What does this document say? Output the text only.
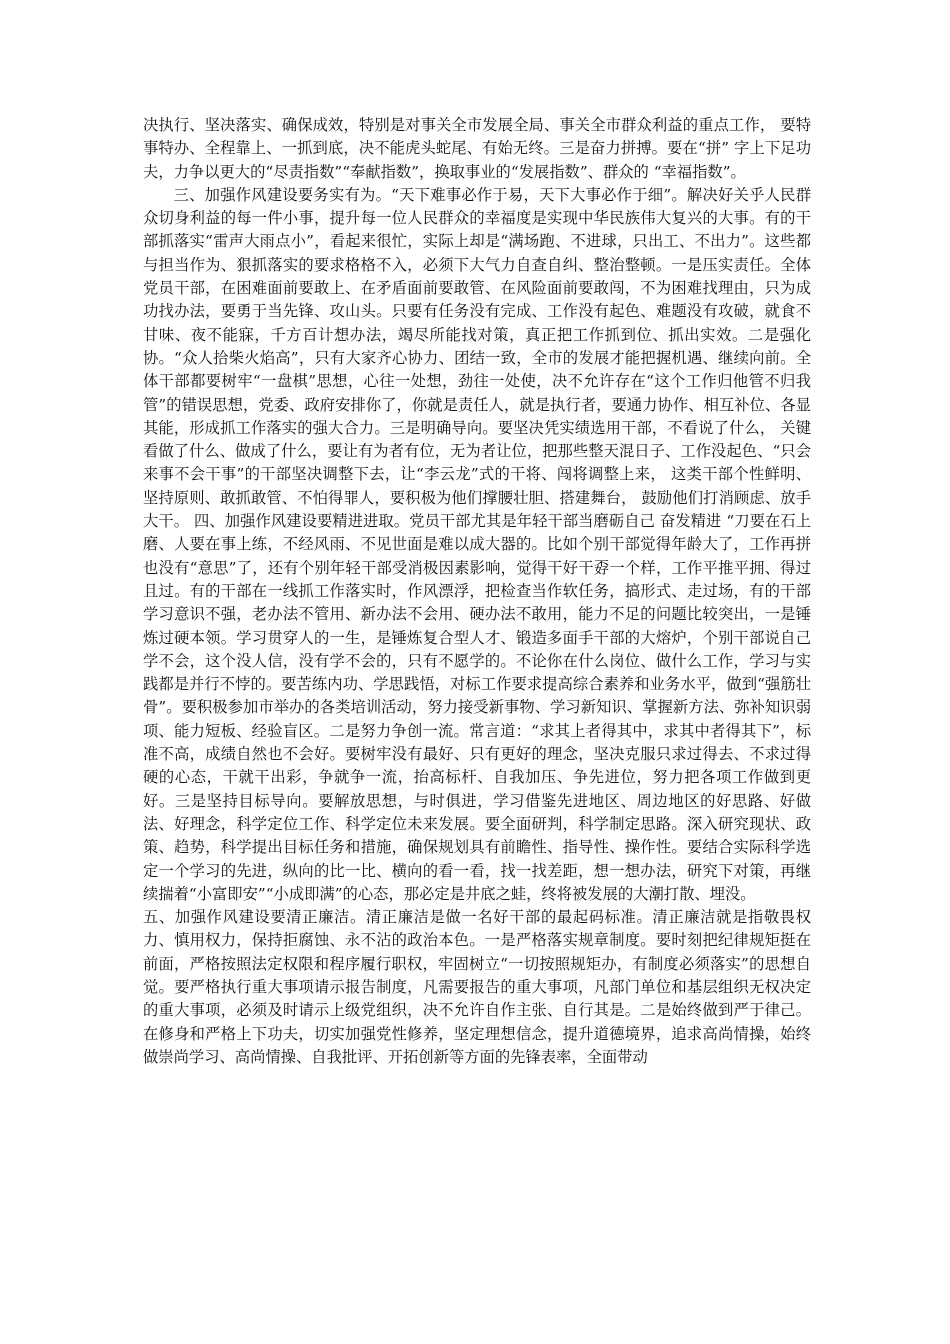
决执行、坚决落实、确保成效，特别是对事关全市发展全局、事关全市群众利益的重点工作， 要特事特办、全程靠上、一抓到底，决不能虎头蛇尾、有始无终。三是奋力拼搏。要在“拼” 字上下足功夫，力争以更大的“尽责指数”“奉献指数”，换取事业的“发展指数”、群众的 “幸福指数”。

三、加强作风建设要务实有为。“天下难事必作于易，天下大事必作于细”。解决好关乎人民群众切身利益的每一件小事，提升每一位人民群众的幸福度是实现中华民族伟大复兴的大事。有的干部抓落实“雷声大雨点小”，看起来很忙，实际上却是“满场跑、不进球，只出工、不出力”。这些都与担当作为、狠抓落实的要求格格不入，必须下大气力自查自纠、整治整顿。一是压实责任。全体党员干部，在困难面前要敢上、在矛盾面前要敢管、在风险面前要敢闯，不为困难找理由，只为成功找办法，要勇于当先锋、攻山头。只要有任务没有完成、工作没有起色、难题没有攻破，就食不甘味、夜不能寐，千方百计想办法，竭尽所能找对策，真正把工作抓到位、抓出实效。二是强化协。“众人拾柴火焰高”，只有大家齐心协力、团结一致，全市的发展才能把握机遇、继续向前。全体干部都要树牢“一盘棋”思想，心往一处想，劲往一处使，决不允许存在“这个工作归他管不归我管”的错误思想，党委、政府安排你了，你就是责任人，就是执行者，要通力协作、相互补位、各显其能，形成抓工作落实的强大合力。三是明确导向。要坚决凭实绩选用干部，不看说了什么， 关键看做了什么、做成了什么，要让有为者有位，无为者让位，把那些整天混日子、工作没起色、“只会来事不会干事”的干部坚决调整下去，让“李云龙”式的干将、闯将调整上来， 这类干部个性鲜明、坚持原则、敢抓敢管、不怕得罪人，要积极为他们撑腰壮胆、搭建舞台， 鼓励他们打消顾虑、放手大干。 四、加强作风建设要精进进取。党员干部尤其是年轻干部当磨砺自己 奋发精进 “刀要在石上磨、人要在事上练，不经风雨、不见世面是难以成大器的。比如个别干部觉得年龄大了，工作再拼也没有“意思”了，还有个别年轻干部受消极因素影响，觉得干好干孬一个样，工作平推平拥、得过且过。有的干部在一线抓工作落实时，作风漂浮，把检查当作软任务，搞形式、走过场，有的干部学习意识不强，老办法不管用、新办法不会用、硬办法不敢用，能力不足的问题比较突出，一是锤炼过硬本领。学习贯穿人的一生，是锤炼复合型人才、锻造多面手干部的大熔炉，个别干部说自己学不会，这个没人信，没有学不会的，只有不愿学的。不论你在什么岗位、做什么工作，学习与实践都是并行不悖的。要苦练内功、学思践悟，对标工作要求提高综合素养和业务水平，做到“强筋壮骨”。要积极参加市举办的各类培训活动，努力接受新事物、学习新知识、掌握新方法、弥补知识弱项、能力短板、经验盲区。二是努力争创一流。常言道：“求其上者得其中，求其中者得其下”，标准不高，成绩自然也不会好。要树牢没有最好、只有更好的理念，坚决克服只求过得去、不求过得硬的心态，干就干出彩，争就争一流，抬高标杆、自我加压、争先进位，努力把各项工作做到更好。三是坚持目标导向。要解放思想，与时俱进，学习借鉴先进地区、周边地区的好思路、好做法、好理念，科学定位工作、科学定位未来发展。要全面研判，科学制定思路。深入研究现状、政策、趋势，科学提出目标任务和措施，确保规划具有前瞻性、指导性、操作性。要结合实际科学选定一个学习的先进，纵向的比一比、横向的看一看，找一找差距，想一想办法，研究下对策，再继续揣着“小富即安”“小成即满”的心态，那必定是井底之蛙，终将被发展的大潮打散、埋没。

五、加强作风建设要清正廉洁。清正廉洁是做一名好干部的最起码标准。清正廉洁就是指敬畏权力、慎用权力，保持拒腐蚀、永不沾的政治本色。一是严格落实规章制度。要时刻把纪律规矩挺在前面，严格按照法定权限和程序履行职权，牢固树立“一切按照规矩办，有制度必须落实”的思想自觉。要严格执行重大事项请示报告制度，凡需要报告的重大事项，凡部门单位和基层组织无权决定的重大事项，必须及时请示上级党组织，决不允许自作主张、自行其是。二是始终做到严于律己。在修身和严格上下功夫，切实加强党性修养，坚定理想信念，提升道德境界，追求高尚情操，始终做崇尚学习、高尚情操、自我批评、开拓创新等方面的先锋表率，全面带动
